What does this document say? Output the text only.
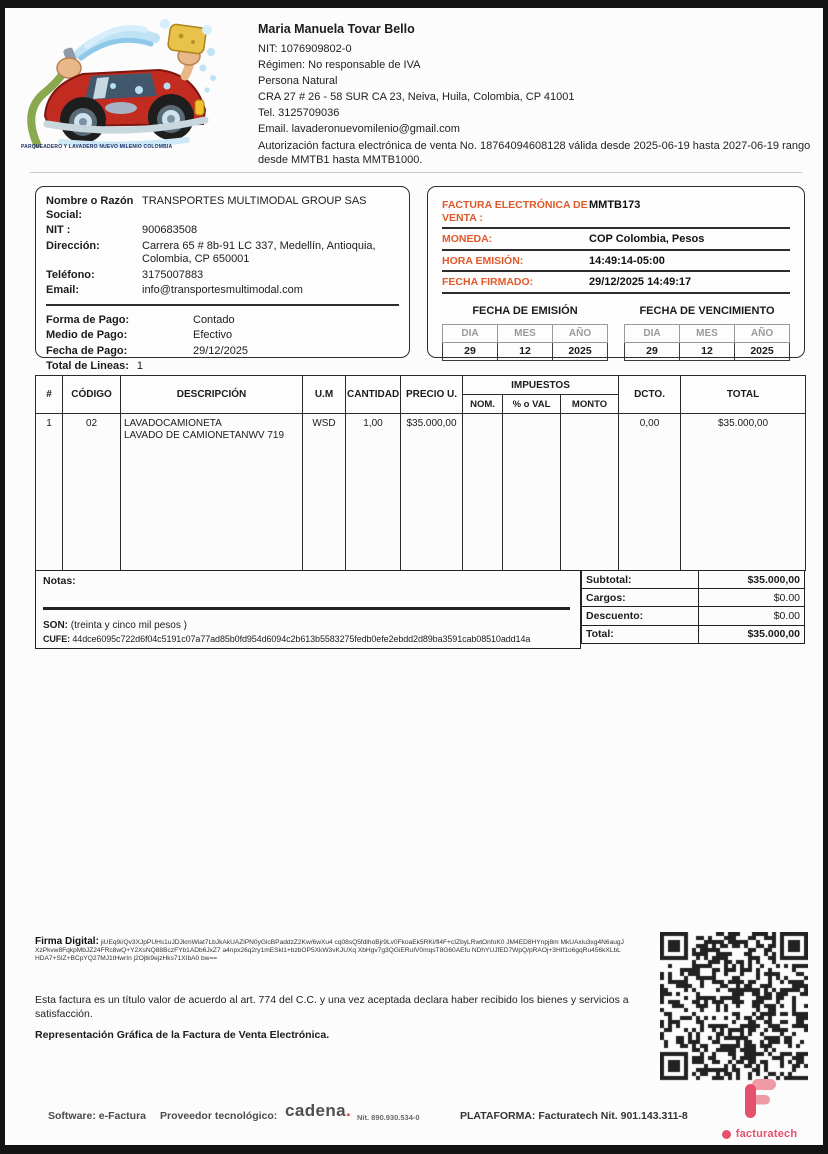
PARQUEADERO Y LAVADERO NUEVO MILENIO COLOMBIA
Maria Manuela Tovar Bello
NIT: 1076909802-0
Régimen: No responsable de IVA
Persona Natural
CRA 27 # 26 - 58 SUR CA 23, Neiva, Huila, Colombia, CP 41001
Tel. 3125709036
Email. lavaderonuevomilenio@gmail.com
Autorización factura electrónica de venta No. 18764094608128 válida desde 2025-06-19 hasta 2027-06-19 rango desde MMTB1 hasta MMTB1000.
Nombre o Razón Social:
TRANSPORTES MULTIMODAL GROUP SAS
NIT :	900683508
Dirección:	Carrera 65 # 8b-91 LC 337, Medellín, Antioquia, Colombia, CP 650001
Teléfono:	3175007883
Email:	info@transportesmultimodal.com
Forma de Pago:	Contado
Medio de Pago:	Efectivo
Fecha de Pago:	29/12/2025
Total de Lineas: 1
FACTURA ELECTRÓNICA DE VENTA :
MMTB173
MONEDA:	COP Colombia, Pesos
HORA EMISIÓN:	14:49:14-05:00
FECHA FIRMADO:	29/12/2025 14:49:17
FECHA DE EMISIÓN
DIA	MES	AÑO
29	12	2025
FECHA DE VENCIMIENTO
DIA	MES	AÑO
29	12	2025
#	CÓDIGO	DESCRIPCIÓN	U.M	CANTIDAD	PRECIO U.	IMPUESTOS			DCTO.	TOTAL
						NOM.	% o VAL	MONTO		
1	02	LAVADOCAMIONETA
LAVADO DE CAMIONETANWV 719	WSD	1,00	$35.000,00				0,00	$35.000,00
Notas:
SON: (treinta y cinco mil pesos )
CUFE: 44dce6095c722d6f04c5191c07a77ad85b0fd954d6094c2b613b5583275fedb0efe2ebdd2d89ba3591cab08510add14a
Subtotal:	$35.000,00
Cargos:	$0.00
Descuento:	$0.00
Total:	$35.000,00
Firma Digital: jiUEq9i/Qv3XJpPUHs1uJDJkmWiat7LbJkAkUAZlPN0yGlcBPaddzZ2Kw/6wXu4 cq08sQ5fdlhoBjr9Lv0FkoaEk5RKi/fl4F+cIZbyLRwtOnfoK0 JM4ED8HYnpj8m MkUAxlu3xg4N6augJXzPkvw8FqkpMbJZ24FRc8wQ+Y2XsNQ88BczFYb1ADb6JxZ7 a4npx26q2ry1mESkl1+bzbOP5XkW3vKJUXq XbHgv7g3QGiERuIV0mqsT8G60AEfu NDhYUJfED7WpQ/pRAOj+3HIf1o6gqRu456kXLbLHDA7+SIZ+BCpYQ27MJ1tHwrIn j2Ojtk9ejzHks71XIbA0 bw==
Esta factura es un título valor de acuerdo al art. 774 del C.C. y una vez aceptada declara haber recibido los bienes y servicios a satisfacción.
Representación Gráfica de la Factura de Venta Electrónica.
facturatech
Software: e-Factura Proveedor tecnológico: cadena. Nit. 890.930.534-0	PLATAFORMA: Facturatech Nit. 901.143.311-8
